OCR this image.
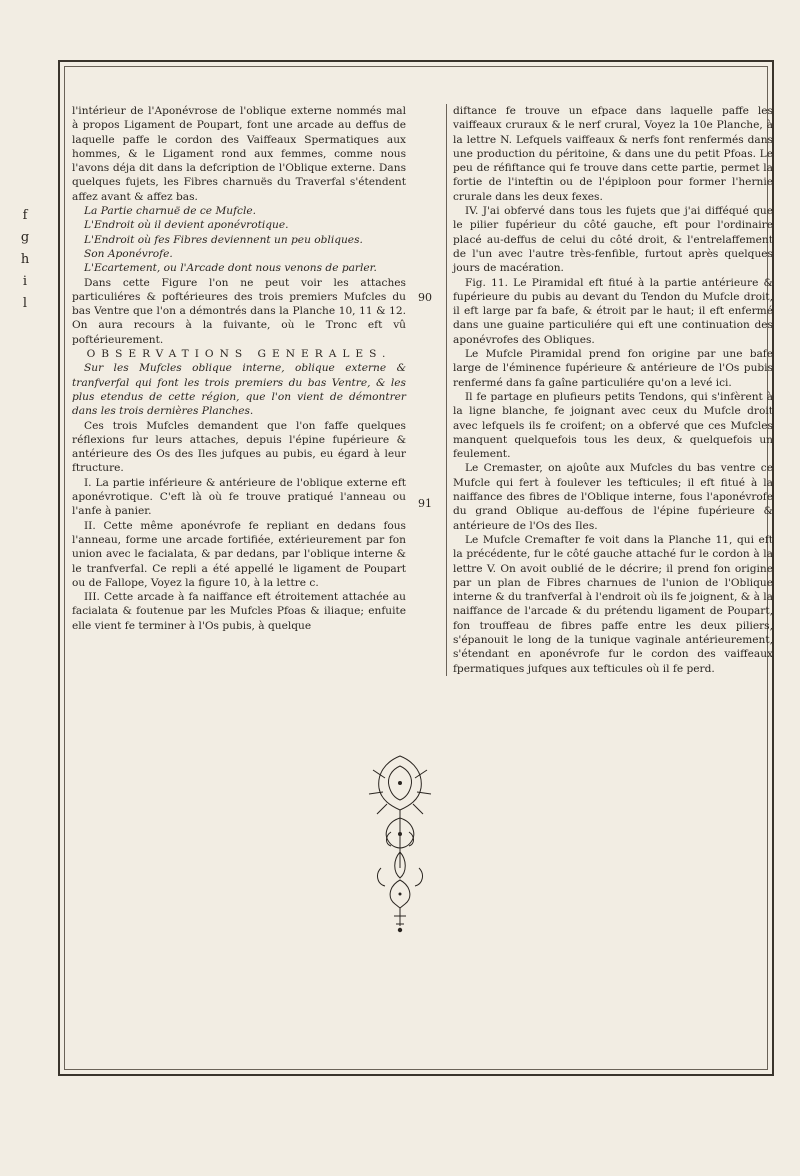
f
g
h
i
l	90
91

l'intérieur de l'Aponévrose de l'oblique externe nommés mal à propos Ligament de Poupart, font une arcade au deffus de laquelle paffe le cordon des Vaiffeaux Spermatiques aux hommes, & le Ligament rond aux femmes, comme nous l'avons déja dit dans la defcription de l'Oblique externe. Dans quelques fujets, les Fibres charnuës du Traverfal s'étendent affez avant & affez bas.

La Partie charnuë de ce Mufcle.

L'Endroit où il devient aponévrotique.

L'Endroit où fes Fibres deviennent un peu obliques.

Son Aponévrofe.

L'Ecartement, ou l'Arcade dont nous venons de parler.

Dans cette Figure l'on ne peut voir les attaches particuliéres & poftérieures des trois premiers Mufcles du bas Ventre que l'on a démontrés dans la Planche 10, 11 & 12. On aura recours à la fuivante, où le Tronc eft vû poftérieurement.

OBSERVATIONS GENERALES.

Sur les Mufcles oblique interne, oblique externe & tranfverfal qui font les trois premiers du bas Ventre, & les plus etendus de cette région, que l'on vient de démontrer dans les trois dernières Planches.

Ces trois Mufcles demandent que l'on faffe quelques réflexions fur leurs attaches, depuis l'épine fupérieure & antérieure des Os des Iles jufques au pubis, eu égard à leur ftructure.

I. La partie inférieure & antérieure de l'oblique externe eft aponévrotique. C'eft là où fe trouve pratiqué l'anneau ou l'anfe à panier.

II. Cette même aponévrofe fe repliant en dedans fous l'anneau, forme une arcade fortifiée, extérieurement par fon union avec le facialata, & par dedans, par l'oblique interne & le tranfverfal. Ce repli a été appellé le ligament de Poupart ou de Fallope, Voyez la figure 10, à la lettre c.

III. Cette arcade à fa naiffance eft étroitement attachée au facialata & foutenue par les Mufcles Pfoas & iliaque; enfuite elle vient fe terminer à l'Os pubis, à quelque

diftance fe trouve un efpace dans laquelle paffe les vaiffeaux cruraux & le nerf crural, Voyez la 10e Planche, à la lettre N. Lefquels vaiffeaux & nerfs font renfermés dans une production du péritoine, & dans une du petit Pfoas. Le peu de réfiftance qui fe trouve dans cette partie, permet la fortie de l'inteftin ou de l'épiploon pour former l'hernie crurale dans les deux fexes.

IV. J'ai obfervé dans tous les fujets que j'ai difféqué que le pilier fupérieur du côté gauche, eft pour l'ordinaire placé au-deffus de celui du côté droit, & l'entrelaffement de l'un avec l'autre très-fenfible, furtout après quelques jours de macération.

Fig. 11. Le Piramidal eft fitué à la partie antérieure & fupérieure du pubis au devant du Tendon du Mufcle droit, il eft large par fa bafe, & étroit par le haut; il eft enfermé dans une guaine particuliére qui eft une continuation des aponévrofes des Obliques.

Le Mufcle Piramidal prend fon origine par une bafe large de l'éminence fupérieure & antérieure de l'Os pubis renfermé dans fa gaîne particuliére qu'on a levé ici.

Il fe partage en plufieurs petits Tendons, qui s'infèrent à la ligne blanche, fe joignant avec ceux du Mufcle droit avec lefquels ils fe croifent; on a obfervé que ces Mufcles manquent quelquefois tous les deux, & quelquefois un feulement.

Le Cremaster, on ajoûte aux Mufcles du bas ventre ce Mufcle qui fert à foulever les tefticules; il eft fitué à la naiffance des fibres de l'Oblique interne, fous l'aponévrofe du grand Oblique au-deffous de l'épine fupérieure & antérieure de l'Os des Iles.

Le Mufcle Cremafter fe voit dans la Planche 11, qui eft la précédente, fur le côté gauche attaché fur le cordon à la lettre V. On avoit oublié de le décrire; il prend fon origine par un plan de Fibres charnues de l'union de l'Oblique interne & du tranfverfal à l'endroit où ils fe joignent, & à la naiffance de l'arcade & du prétendu ligament de Poupart, fon trouffeau de fibres paffe entre les deux piliers, s'épanouit le long de la tunique vaginale antérieurement, s'étendant en aponévrofe fur le cordon des vaiffeaux fpermatiques jufques aux tefticules où il fe perd.
